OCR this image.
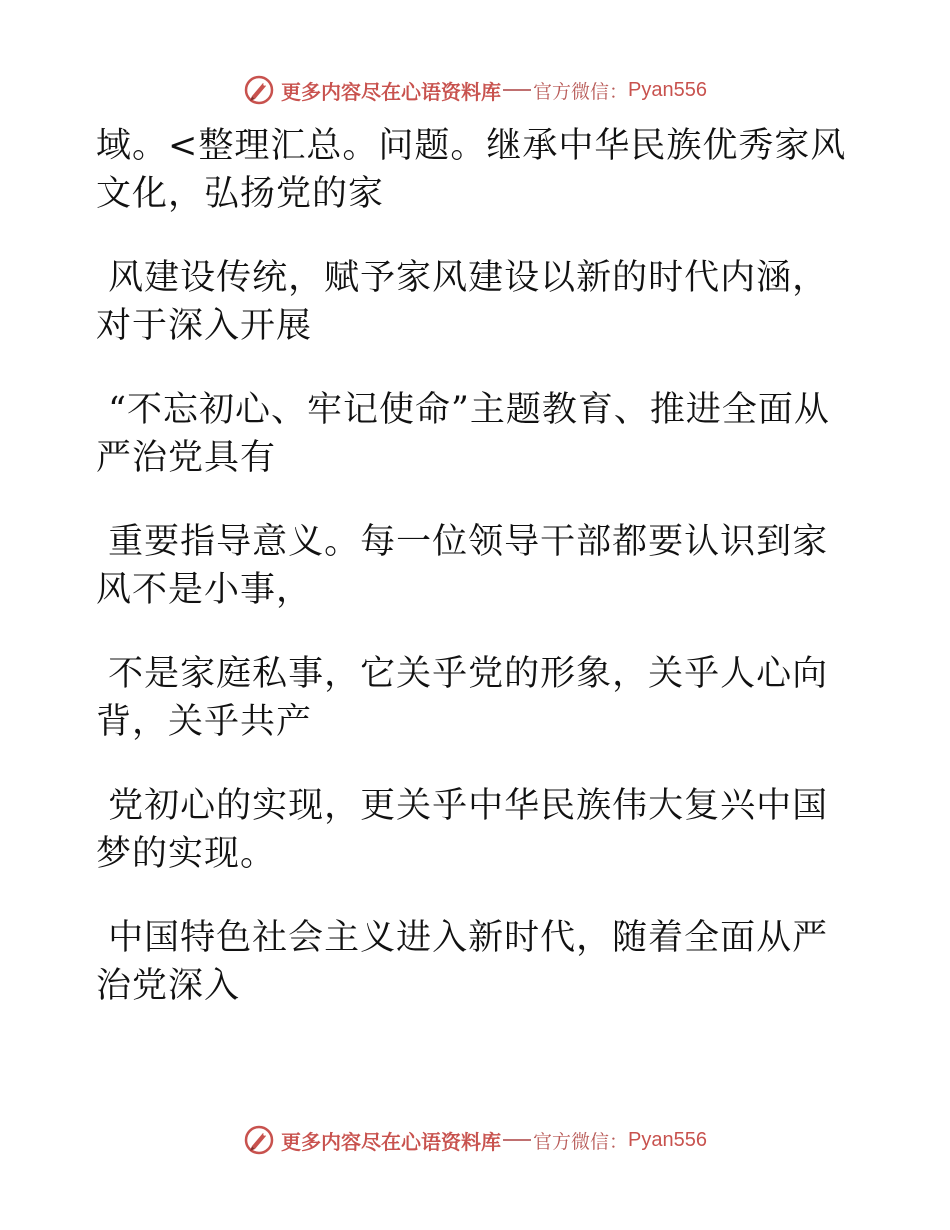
更多内容尽在心语资料库 官方微信： Pyan556

域。<整理汇总。问题。继承中华民族优秀家风文化，弘扬党的家

风建设传统，赋予家风建设以新的时代内涵，对于深入开展

“不忘初心、牢记使命”主题教育、推进全面从严治党具有

重要指导意义。每一位领导干部都要认识到家风不是小事，

不是家庭私事，它关乎党的形象，关乎人心向背，关乎共产

党初心的实现，更关乎中华民族伟大复兴中国梦的实现。

中国特色社会主义进入新时代，随着全面从严治党深入

更多内容尽在心语资料库 官方微信： Pyan556
